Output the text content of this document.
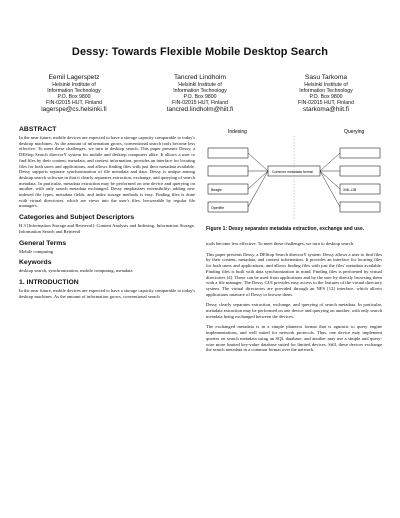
Dessy: Towards Flexible Mobile Desktop Search
Eemil Lagerspetz
Helsinki Institute of
Information Technology
P.O. Box 9800
FIN-02015 HUT, Finland
lagerspe@cs.helsinki.fi
Tancred Lindholm
Helsinki Institute of
Information Technology
P.O. Box 9800
FIN-02015 HUT, Finland
tancred.lindholm@hiit.fi
Sasu Tarkoma
Helsinki Institute of
Information Technology
P.O. Box 9800
FIN-02015 HUT, Finland
starkoma@hiit.fi
ABSTRACT

In the near future, mobile devices are expected to have a storage capacity comparable to today's desktop machines. As the amount of information grows, conventional search tools become less effective. To meet these challenges, we turn to desktop search. This paper presents Dessy, a DEStop Search directorY system for mobile and desktop computers alike. It allows a user to find files by their content, metadata, and context information, provides an interface for locating files for both users and applications, and allows finding files with just their metadata available. Dessy supports separate synchronization of file metadata and data. Dessy is unique among desktop search software in that it clearly separates extraction, exchange, and querying of search metadata. In particular, metadata extraction may be performed on one device and querying on another, with only search metadata exchanged. Dessy emphasizes extensibility: adding new indexed file types, metadata fields, and index storage methods is easy. Finding files is done with virtual directories, which are views into the user's files, browseable by regular file managers.

Categories and Subject Descriptors

H.3 [Information Storage and Retrieval]: Content Analysis and Indexing, Information Storage, Information Search and Retrieval

General Terms

Mobile computing

Keywords

desktop search, synchronization, mobile computing, metadata

1. INTRODUCTION

In the near future, mobile devices are expected to have a storage capacity comparable to today's desktop machines. As the amount of information grows, conventional search

Indexing	Querying
Beagle
Openfile
Common metadata format
XML-DB
Figure 1: Dessy separates metadata extraction, exchange and use.

tools become less effective. To meet these challenges, we turn to desktop search.

This paper presents Dessy, a DEStop Search directorY system. Dessy allows a user to find files by their content, metadata, and context information. It provides an interface for locating files for both users and applications, and allows finding files with just the files' metadata available. Finding files is built with data synchronization in mind. Finding files is performed by virtual directories [4]. These can be used from applications and by the user by directly browsing them with a file manager. The Dessy GUI provides easy access to the features of the virtual directory system. The virtual directories are provided through an NFS [12] interface, which allows applications unaware of Dessy to browse them.

Dessy clearly separates extraction, exchange, and querying of search metadata. In particular, metadata extraction may be performed on one device and querying on another, with only search metadata being exchanged between the devices.

The exchanged metadata is in a simple plaintext format that is agnostic to query engine implementations, and well suited for network protocols. Thus, one device may implement queries on search metadata using an SQL database, and another may use a simple and query-wise more limited key-value database suited for limited devices. Still, these devices exchange the search metadata in a common format over the network.
